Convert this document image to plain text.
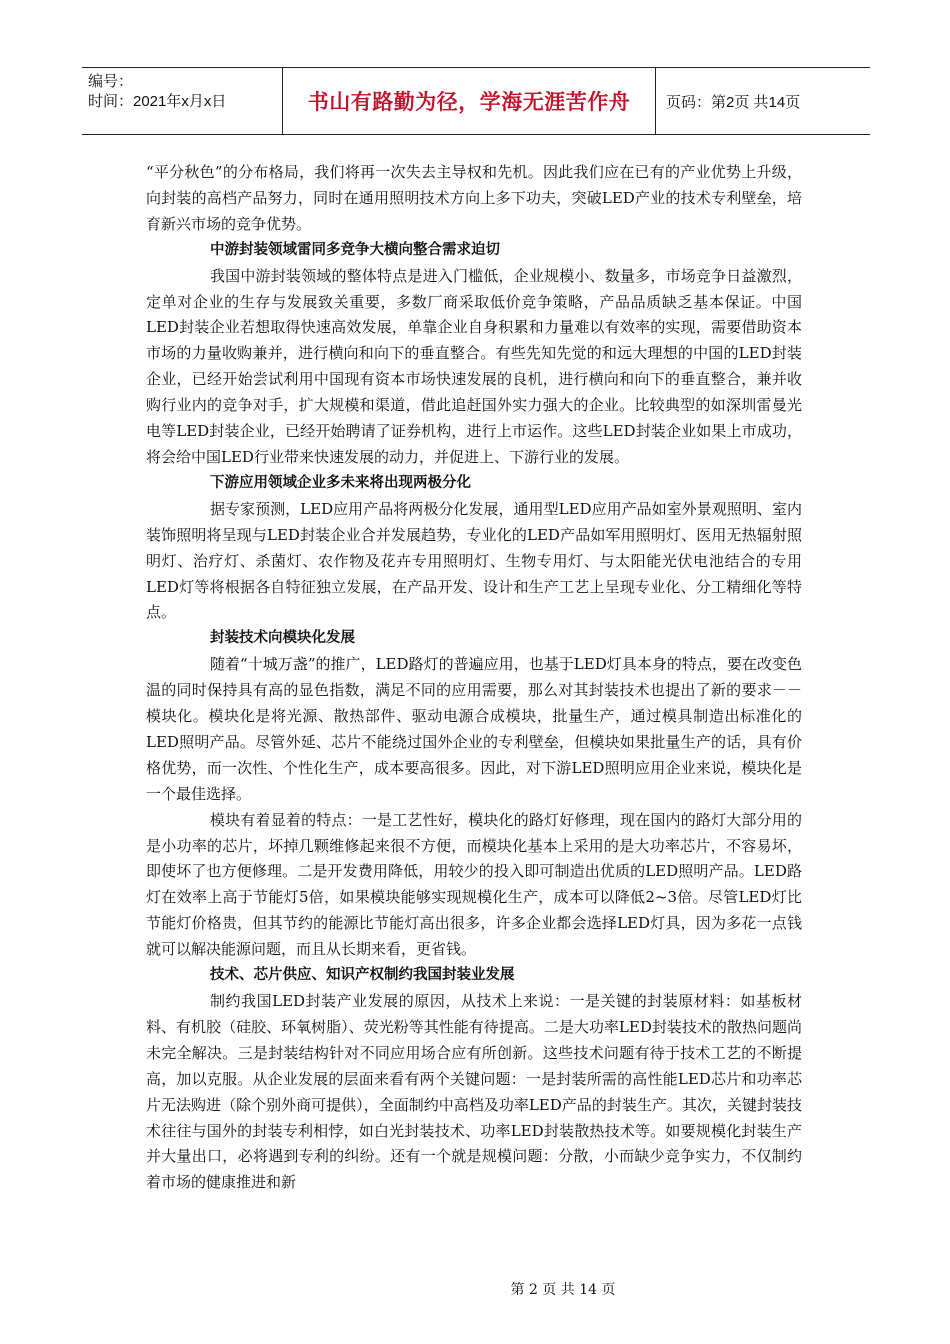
编号：
时间：2021年x月x日	书山有路勤为径，学海无涯苦作舟	页码：第2页 共14页

“平分秋色”的分布格局，我们将再一次失去主导权和先机。因此我们应在已有的产业优势上升级，向封装的高档产品努力，同时在通用照明技术方向上多下功夫，突破LED产业的技术专利壁垒，培育新兴市场的竞争优势。

中游封装领域雷同多竞争大横向整合需求迫切

我国中游封装领域的整体特点是进入门槛低，企业规模小、数量多，市场竞争日益激烈，定单对企业的生存与发展致关重要，多数厂商采取低价竞争策略，产品品质缺乏基本保证。中国LED封装企业若想取得快速高效发展，单靠企业自身积累和力量难以有效率的实现，需要借助资本市场的力量收购兼并，进行横向和向下的垂直整合。有些先知先觉的和远大理想的中国的LED封装企业，已经开始尝试利用中国现有资本市场快速发展的良机，进行横向和向下的垂直整合，兼并收购行业内的竞争对手，扩大规模和渠道，借此追赶国外实力强大的企业。比较典型的如深圳雷曼光电等LED封装企业，已经开始聘请了证券机构，进行上市运作。这些LED封装企业如果上市成功，将会给中国LED行业带来快速发展的动力，并促进上、下游行业的发展。

下游应用领域企业多未来将出现两极分化

据专家预测，LED应用产品将两极分化发展，通用型LED应用产品如室外景观照明、室内装饰照明将呈现与LED封装企业合并发展趋势，专业化的LED产品如军用照明灯、医用无热辐射照明灯、治疗灯、杀菌灯、农作物及花卉专用照明灯、生物专用灯、与太阳能光伏电池结合的专用LED灯等将根据各自特征独立发展，在产品开发、设计和生产工艺上呈现专业化、分工精细化等特点。

封装技术向模块化发展

随着“十城万盏”的推广，LED路灯的普遍应用，也基于LED灯具本身的特点，要在改变色温的同时保持具有高的显色指数，满足不同的应用需要，那么对其封装技术也提出了新的要求－－模块化。模块化是将光源、散热部件、驱动电源合成模块，批量生产，通过模具制造出标准化的LED照明产品。尽管外延、芯片不能绕过国外企业的专利壁垒，但模块如果批量生产的话，具有价格优势，而一次性、个性化生产，成本要高很多。因此，对下游LED照明应用企业来说，模块化是一个最佳选择。

模块有着显着的特点：一是工艺性好，模块化的路灯好修理，现在国内的路灯大部分用的是小功率的芯片，坏掉几颗维修起来很不方便，而模块化基本上采用的是大功率芯片，不容易坏，即使坏了也方便修理。二是开发费用降低，用较少的投入即可制造出优质的LED照明产品。LED路灯在效率上高于节能灯5倍，如果模块能够实现规模化生产，成本可以降低2~3倍。尽管LED灯比节能灯价格贵，但其节约的能源比节能灯高出很多，许多企业都会选择LED灯具，因为多花一点钱就可以解决能源问题，而且从长期来看，更省钱。

技术、芯片供应、知识产权制约我国封装业发展

制约我国LED封装产业发展的原因，从技术上来说：一是关键的封装原材料：如基板材料、有机胶（硅胶、环氧树脂）、荧光粉等其性能有待提高。二是大功率LED封装技术的散热问题尚未完全解决。三是封装结构针对不同应用场合应有所创新。这些技术问题有待于技术工艺的不断提高，加以克服。从企业发展的层面来看有两个关键问题：一是封装所需的高性能LED芯片和功率芯片无法购进（除个别外商可提供），全面制约中高档及功率LED产品的封装生产。其次，关键封装技术往往与国外的封装专利相悖，如白光封装技术、功率LED封装散热技术等。如要规模化封装生产并大量出口，必将遇到专利的纠纷。还有一个就是规模问题：分散，小而缺少竞争实力，不仅制约着市场的健康推进和新

第 2 页 共 14 页
